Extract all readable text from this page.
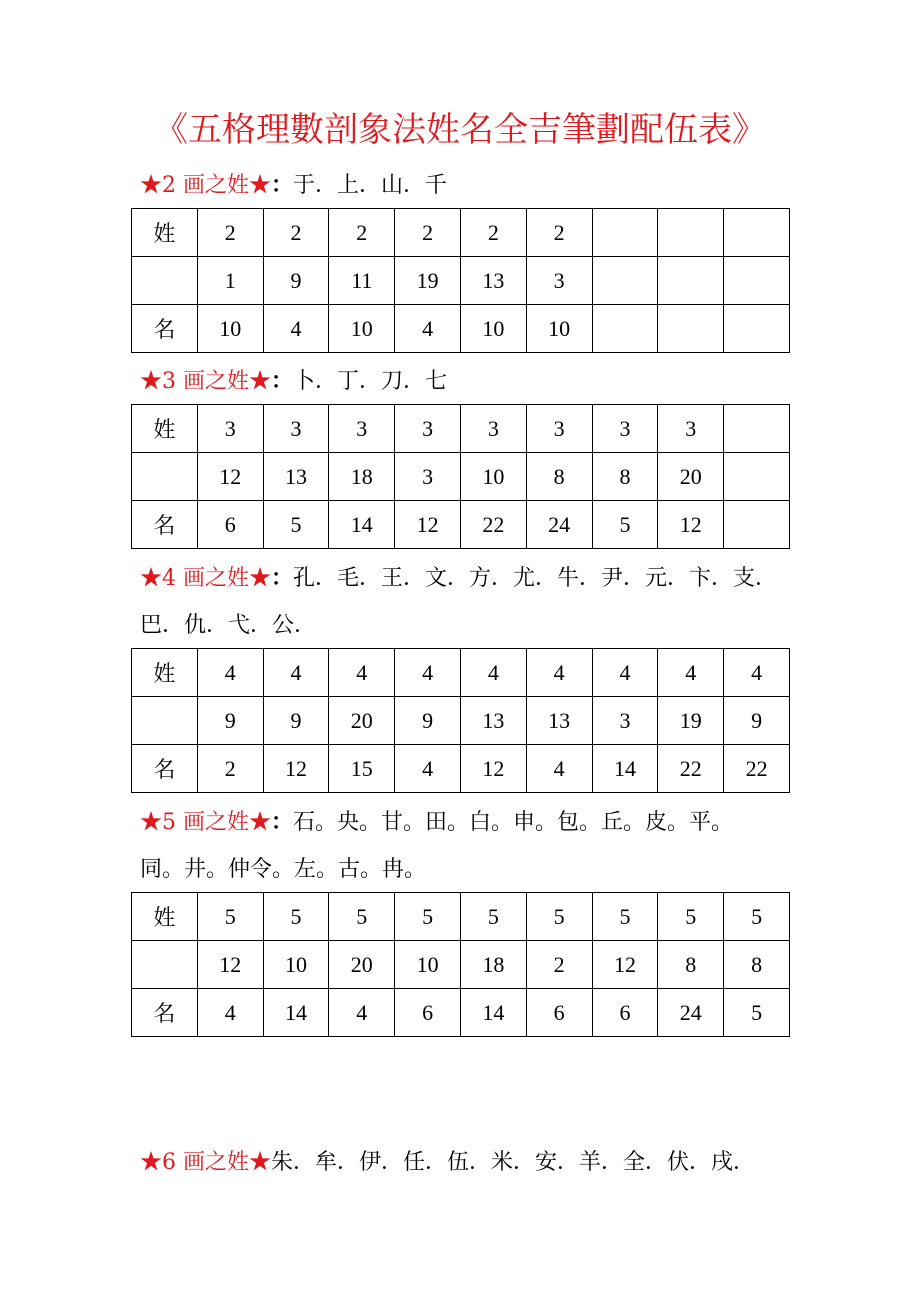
《五格理數剖象法姓名全吉筆劃配伍表》
★2 画之姓★：于．上．山．千
姓	2	2	2	2	2	2			
	1	9	11	19	13	3			
名	10	4	10	4	10	10			
★3 画之姓★：卜．丁．刀．七
姓	3	3	3	3	3	3	3	3	
	12	13	18	3	10	8	8	20	
名	6	5	14	12	22	24	5	12	
★4 画之姓★：孔．毛．王．文．方．尤．牛．尹．元．卞．支．
巴．仇．弋．公．
姓	4	4	4	4	4	4	4	4	4
	9	9	20	9	13	13	3	19	9
名	2	12	15	4	12	4	14	22	22
★5 画之姓★：石。央。甘。田。白。申。包。丘。皮。平。
同。井。仲令。左。古。冉。
姓	5	5	5	5	5	5	5	5	5
	12	10	20	10	18	2	12	8	8
名	4	14	4	6	14	6	6	24	5
★6 画之姓★朱．牟．伊．任．伍．米．安．羊．全．伏．戌．
